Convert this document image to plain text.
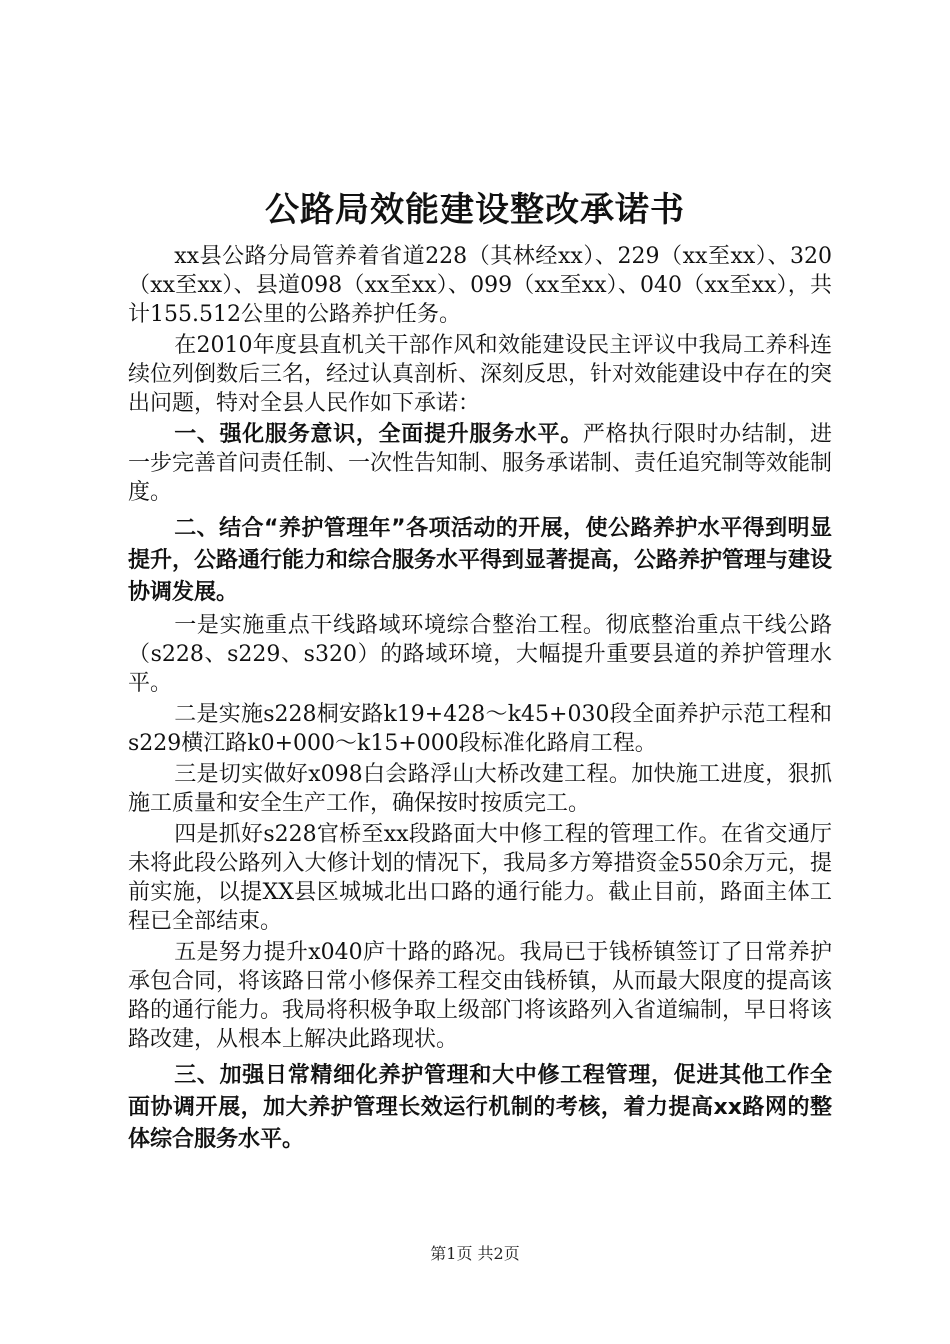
公路局效能建设整改承诺书

xx县公路分局管养着省道228（其林经xx）、229（xx至xx）、320（xx至xx）、县道098（xx至xx）、099（xx至xx）、040（xx至xx），共计155.512公里的公路养护任务。

在2010年度县直机关干部作风和效能建设民主评议中我局工养科连续位列倒数后三名，经过认真剖析、深刻反思，针对效能建设中存在的突出问题，特对全县人民作如下承诺：

一、强化服务意识，全面提升服务水平。严格执行限时办结制，进一步完善首问责任制、一次性告知制、服务承诺制、责任追究制等效能制度。

二、结合“养护管理年”各项活动的开展，使公路养护水平得到明显提升，公路通行能力和综合服务水平得到显著提高，公路养护管理与建设协调发展。

一是实施重点干线路域环境综合整治工程。彻底整治重点干线公路（s228、s229、s320）的路域环境，大幅提升重要县道的养护管理水平。

二是实施s228桐安路k19+428～k45+030段全面养护示范工程和s229横江路k0+000～k15+000段标准化路肩工程。

三是切实做好x098白会路浮山大桥改建工程。加快施工进度，狠抓施工质量和安全生产工作，确保按时按质完工。

四是抓好s228官桥至xx段路面大中修工程的管理工作。在省交通厅未将此段公路列入大修计划的情况下，我局多方筹措资金550余万元，提前实施，以提XX县区城城北出口路的通行能力。截止目前，路面主体工程已全部结束。

五是努力提升x040庐十路的路况。我局已于钱桥镇签订了日常养护承包合同，将该路日常小修保养工程交由钱桥镇，从而最大限度的提高该路的通行能力。我局将积极争取上级部门将该路列入省道编制，早日将该路改建，从根本上解决此路现状。

三、加强日常精细化养护管理和大中修工程管理，促进其他工作全面协调开展，加大养护管理长效运行机制的考核，着力提高xx路网的整体综合服务水平。

第1页 共2页
